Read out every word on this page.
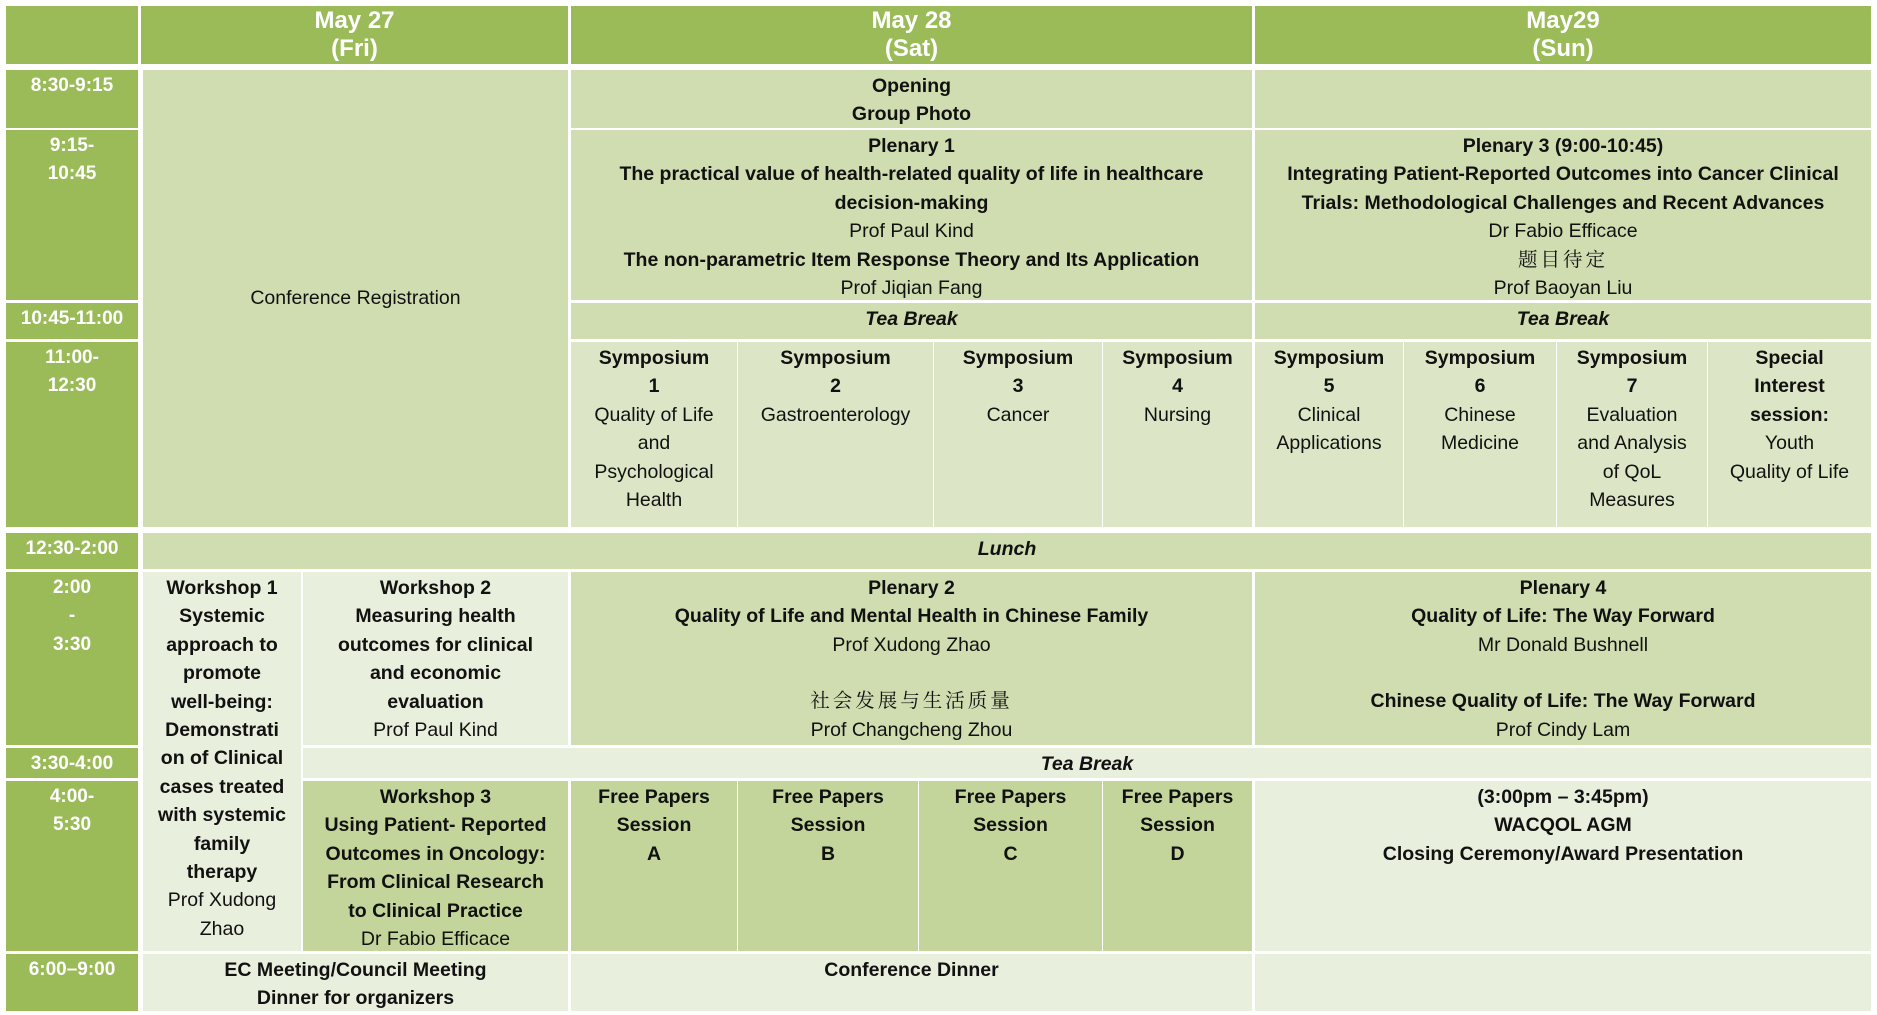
May 27
(Fri)
May 28
(Sat)
May29
(Sun)
8:30-9:15
9:15-
10:45
10:45-11:00
11:00-
12:30
12:30-2:00
2:00
-
3:30
3:30-4:00
4:00-
5:30
6:00–9:00
Conference Registration
Workshop 1
Systemic
approach to
promote
well-being:
Demonstrati
on of Clinical
cases treated
with systemic
family
therapy
Prof Xudong
Zhao
Workshop 2
Measuring health
outcomes for clinical
and economic
evaluation
Prof Paul Kind
Workshop 3
Using Patient- Reported
Outcomes in Oncology:
From Clinical Research
to Clinical Practice
Dr Fabio Efficace
EC Meeting/Council Meeting
Dinner for organizers
Opening
Group Photo
Plenary 1
The practical value of health-related quality of life in healthcare
decision-making
Prof Paul Kind
The non-parametric Item Response Theory and Its Application
Prof Jiqian Fang
Tea Break
Symposium
1
Quality of Life
and
Psychological
Health
Symposium
2
Gastroenterology
Symposium
3
Cancer
Symposium
4
Nursing
Lunch
Plenary 2
Quality of Life and Mental Health in Chinese Family
Prof Xudong Zhao
社会发展与生活质量
Prof Changcheng Zhou
Tea Break
Free Papers
Session
A
Free Papers
Session
B
Free Papers
Session
C
Free Papers
Session
D
Conference Dinner
Plenary 3 (9:00-10:45)
Integrating Patient-Reported Outcomes into Cancer Clinical
Trials: Methodological Challenges and Recent Advances
Dr Fabio Efficace
题目待定
Prof Baoyan Liu
Tea Break
Symposium
5
Clinical
Applications
Symposium
6
Chinese
Medicine
Symposium
7
Evaluation
and Analysis
of QoL
Measures
Special
Interest
session:
Youth
Quality of Life
Plenary 4
Quality of Life: The Way Forward
Mr Donald Bushnell
Chinese Quality of Life: The Way Forward
Prof Cindy Lam
(3:00pm – 3:45pm)
WACQOL AGM
Closing Ceremony/Award Presentation
